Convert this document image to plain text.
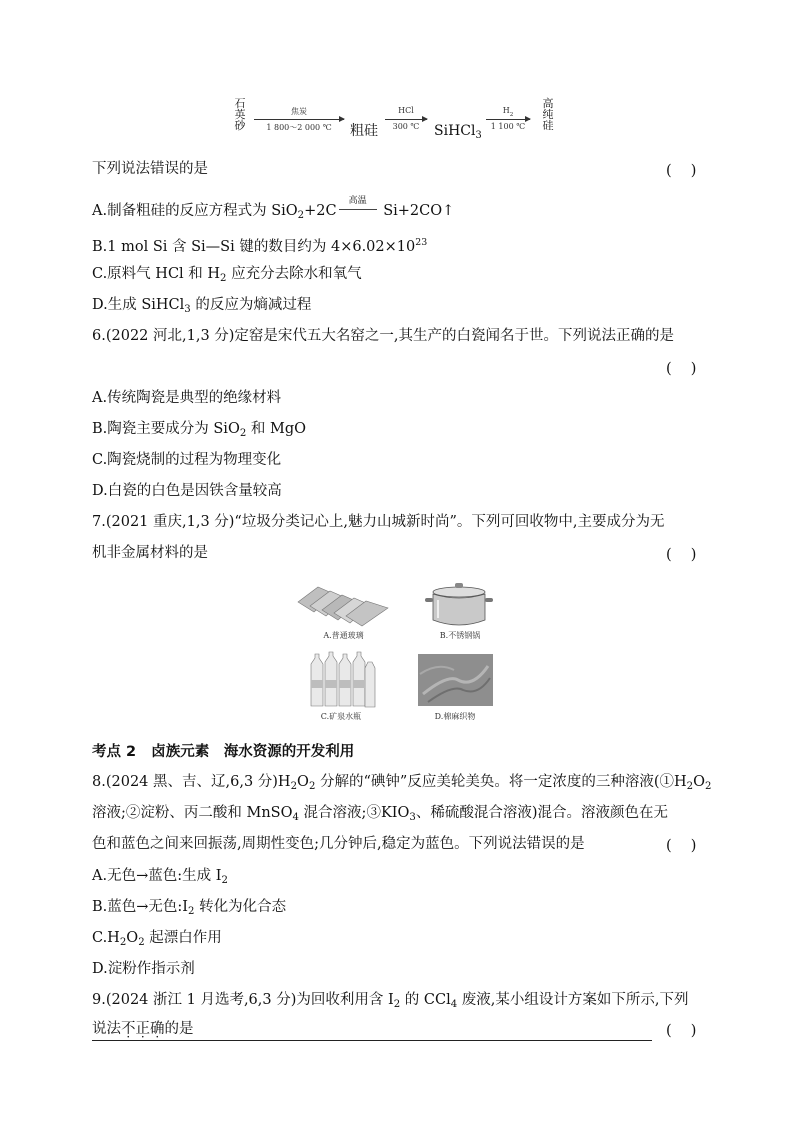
石英砂
焦炭
1 800～2 000 ℃	粗硅
HCl
300 ℃	SiHCl$_3$
$H_2$
1 100 ℃
高纯硅
下列说法错误的是	(　 )
A.制备粗硅的反应方程式为 SiO$_2$+2C
高温
Si+2CO↑
B.1 mol Si 含 Si—Si 键的数目约为 $4\times 6.02\times 10^{23}$
C.原料气 HCl 和 $H_2$ 应充分去除水和氧气
D.生成 SiHCl$_3$ 的反应为熵减过程
6.(2022 河北,1,3 分)定窑是宋代五大名窑之一,其生产的白瓷闻名于世。下列说法正确的是
(　 )
A.传统陶瓷是典型的绝缘材料
B.陶瓷主要成分为 SiO$_2$ 和 MgO
C.陶瓷烧制的过程为物理变化
D.白瓷的白色是因铁含量较高
7.(2021 重庆,1,3 分)“垃圾分类记心上,魅力山城新时尚”。下列可回收物中,主要成分为无
机非金属材料的是	(　 )
A.普通玻璃	B.不锈钢锅
C.矿泉水瓶	D.棉麻织物
考点 2 卤族元素　海水资源的开发利用
8.(2024 黑、吉、辽,6,3 分)$H_2O_2$ 分解的“碘钟”反应美轮美奂。将一定浓度的三种溶液($①H_2O_2$
溶液;②淀粉、丙二酸和 MnSO$_4$ 混合溶液$;③KIO_3$、稀硫酸混合溶液)混合。溶液颜色在无
色和蓝色之间来回振荡,周期性变色;几分钟后,稳定为蓝色。下列说法错误的是	(　 )
A.无色→蓝色:生成 $I_2$
B.蓝色→无色$:I_2$ 转化为化合态
$C.H_2O_2$ 起漂白作用
D.淀粉作指示剂
9.(2024 浙江 1 月选考,6,3 分)为回收利用含 $I_2$ 的 CCl$_4$ 废液,某小组设计方案如下所示,下列
说法不正确的是	(　 )
